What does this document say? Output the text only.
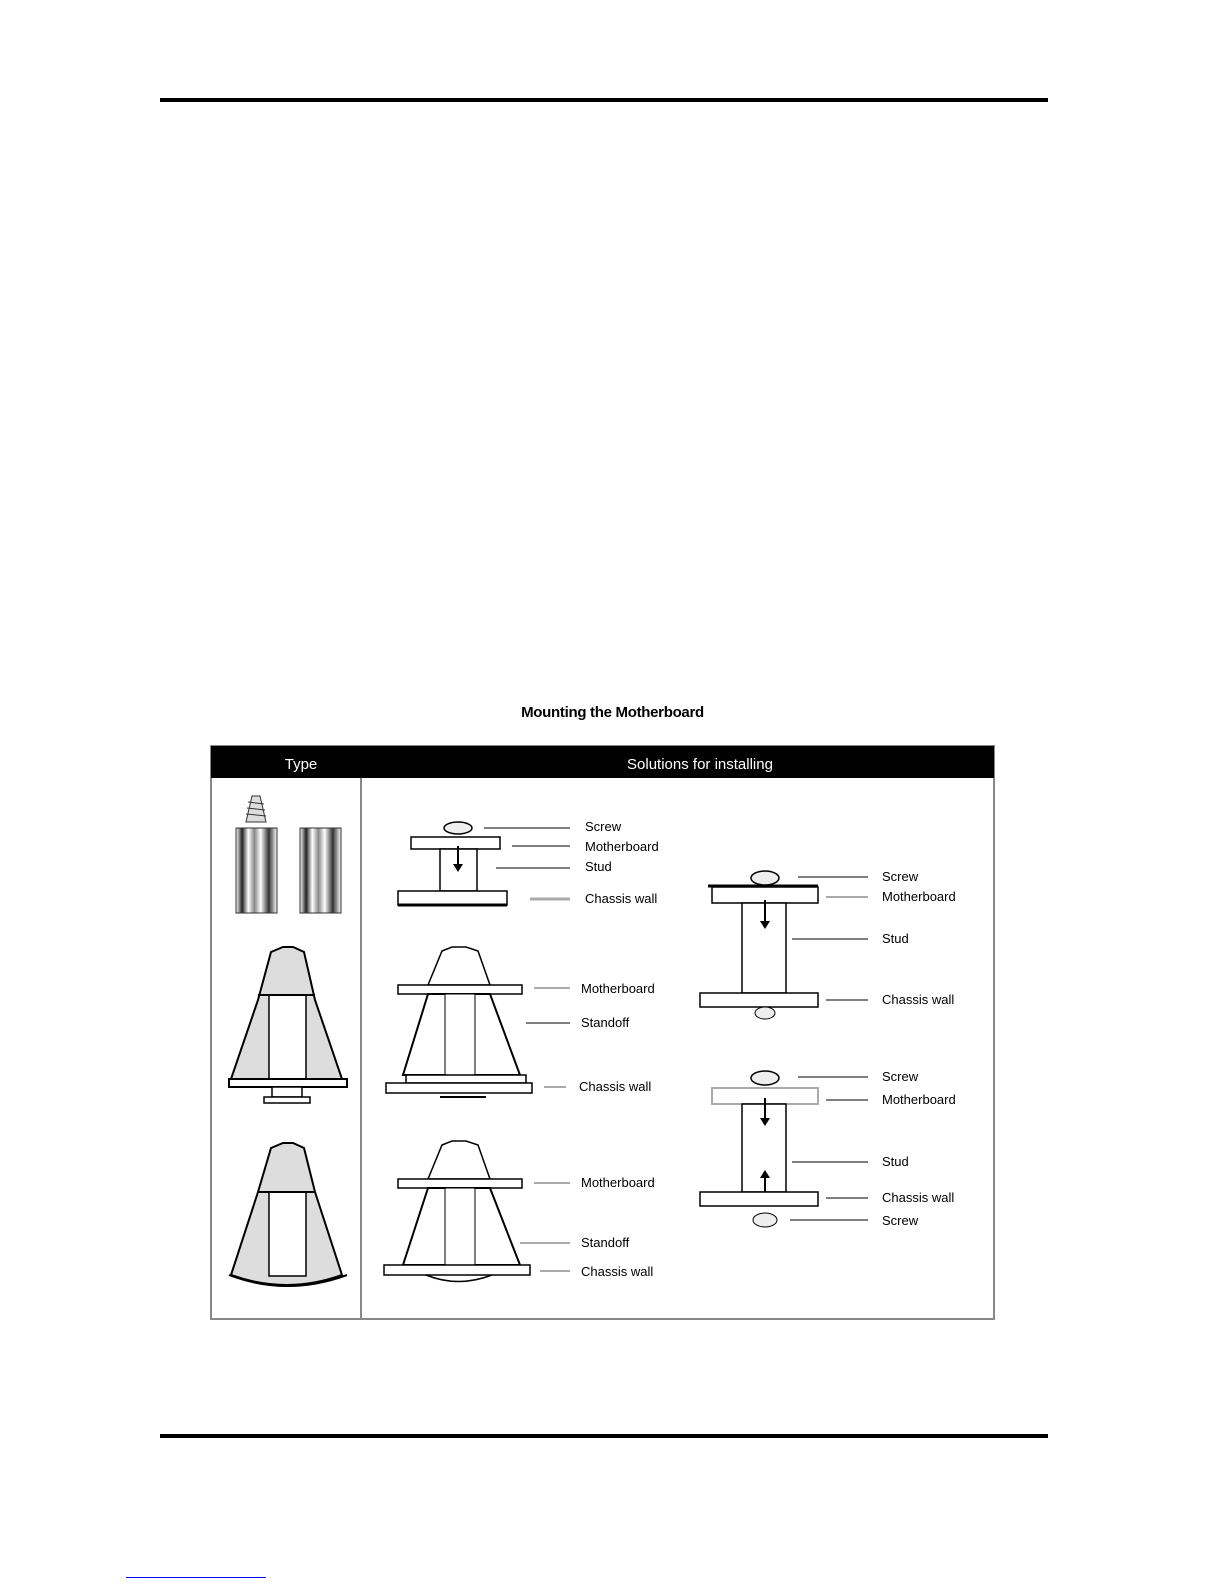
Mounting the Motherboard
Type	Solutions for installing
Screw
Motherboard
Stud
Chassis wall
Motherboard
Standoff
Chassis wall
Motherboard
Standoff
Chassis wall
Screw
Motherboard
Stud
Chassis wall
Screw
Motherboard
Stud
Chassis wall
Screw
